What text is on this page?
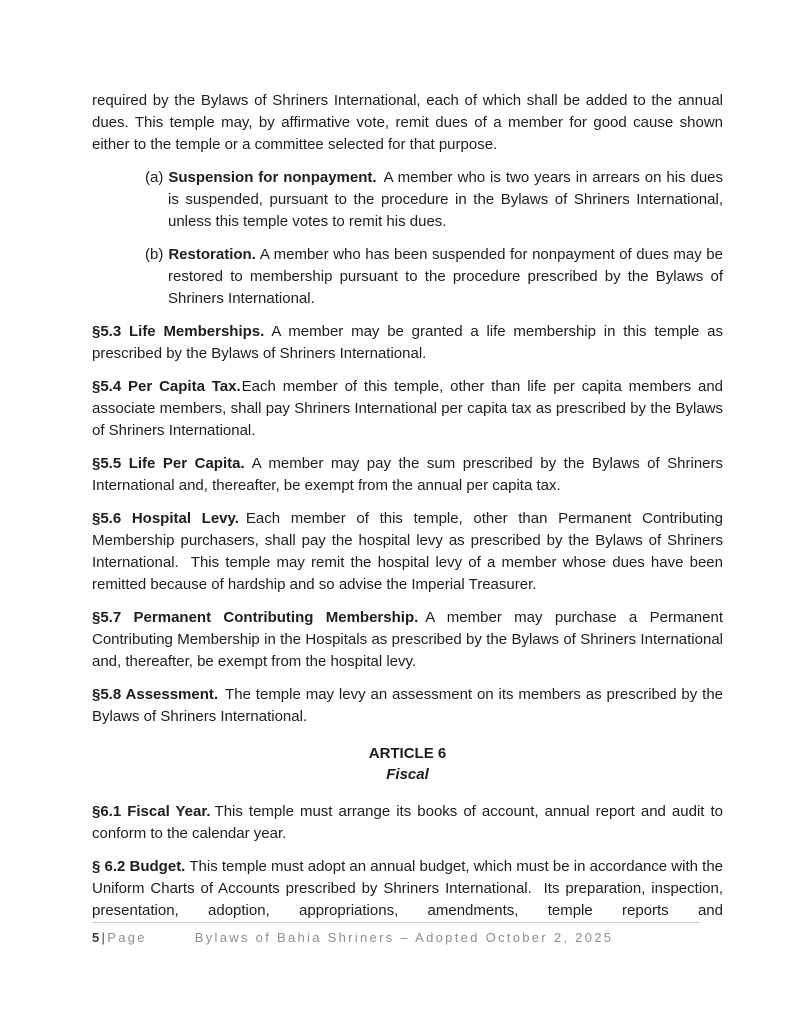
required by the Bylaws of Shriners International, each of which shall be added to the annual dues. This temple may, by affirmative vote, remit dues of a member for good cause shown either to the temple or a committee selected for that purpose.

(a) Suspension for nonpayment. A member who is two years in arrears on his dues is suspended, pursuant to the procedure in the Bylaws of Shriners International, unless this temple votes to remit his dues.

(b) Restoration. A member who has been suspended for nonpayment of dues may be restored to membership pursuant to the procedure prescribed by the Bylaws of Shriners International.

§5.3 Life Memberships. A member may be granted a life membership in this temple as prescribed by the Bylaws of Shriners International.

§5.4 Per Capita Tax.Each member of this temple, other than life per capita members and associate members, shall pay Shriners International per capita tax as prescribed by the Bylaws of Shriners International.

§5.5 Life Per Capita. A member may pay the sum prescribed by the Bylaws of Shriners International and, thereafter, be exempt from the annual per capita tax.

§5.6 Hospital Levy. Each member of this temple, other than Permanent Contributing Membership purchasers, shall pay the hospital levy as prescribed by the Bylaws of Shriners International.  This temple may remit the hospital levy of a member whose dues have been remitted because of hardship and so advise the Imperial Treasurer.

§5.7 Permanent Contributing Membership. A member may purchase a Permanent Contributing Membership in the Hospitals as prescribed by the Bylaws of Shriners International and, thereafter, be exempt from the hospital levy.

§5.8 Assessment. The temple may levy an assessment on its members as prescribed by the Bylaws of Shriners International.

ARTICLE 6
Fiscal

§6.1 Fiscal Year. This temple must arrange its books of account, annual report and audit to conform to the calendar year.

§ 6.2 Budget. This temple must adopt an annual budget, which must be in accordance with the Uniform Charts of Accounts prescribed by Shriners International.  Its preparation, inspection, presentation, adoption, appropriations, amendments, temple reports and

5|Page	Bylaws of Bahia Shriners – Adopted October 2, 2025
